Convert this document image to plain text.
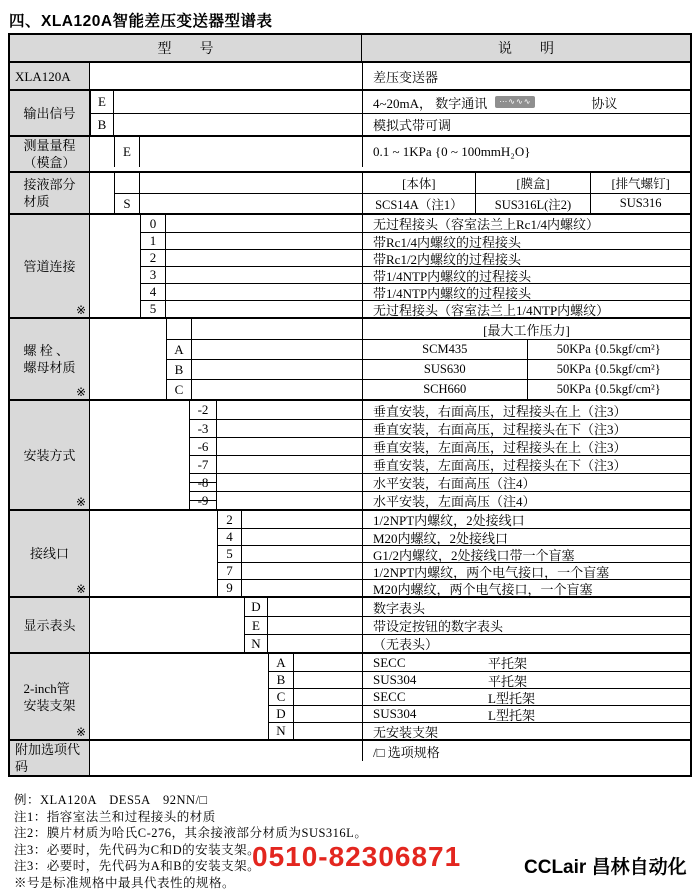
四、XLA120A智能差压变送器型谱表
型　　号	说　　明
XLA120A	差压变送器
输出信号
E	4~20mA， 数字通讯	⋯∿∿∿	协议
B	模拟式带可调
测量量程
（模盒）
E	0.1 ~ 1KPa {0 ~ 100mmH₂O}
接液部分
材质
[本体]	[膜盒]	[排气螺钉]
S	SCS14A（注1）	SUS316L(注2)	SUS316
管道连接
※
0	无过程接头（容室法兰上Rc1/4内螺纹）
1	带Rc1/4内螺纹的过程接头
2	带Rc1/2内螺纹的过程接头
3	带1/4NTP内螺纹的过程接头
4	带1/4NTP内螺纹的过程接头
5	无过程接头（容室法兰上1/4NTP内螺纹）
螺 栓 、
螺母材质
※
[最大工作压力]
A	SCM435	50KPa {0.5kgf/cm²}
B	SUS630	50KPa {0.5kgf/cm²}
C	SCH660	50KPa {0.5kgf/cm²}
安装方式
※
-2	垂直安装，右面高压，过程接头在上（注3）
-3	垂直安装，右面高压，过程接头在下（注3）
-6	垂直安装，左面高压，过程接头在上（注3）
-7	垂直安装，左面高压，过程接头在下（注3）
-8	水平安装，右面高压（注4）
-9	水平安装，左面高压（注4）
接线口
※
2	1/2NPT内螺纹，2处接线口
4	M20内螺纹，2处接线口
5	G1/2内螺纹，2处接线口带一个盲塞
7	1/2NPT内螺纹，两个电气接口，一个盲塞
9	M20内螺纹，两个电气接口，一个盲塞
显示表头
D	数字表头
E	带设定按钮的数字表头
N	（无表头）
2-inch管
安装支架
※
A	SECC	平托架
B	SUS304	平托架
C	SECC	L型托架
D	SUS304	L型托架
N	无安装支架
附加选项代码
/□ 选项规格
例：XLA120A　DES5A　92NN/□
注1：指容室法兰和过程接头的材质
注2：膜片材质为哈氏C-276，其余接液部分材质为SUS316L。
注3：必要时，先代码为C和D的安装支架。
注3：必要时，先代码为A和B的安装支架。
※号是标准规格中最具代表性的规格。
0510-82306871	CCLair 昌林自动化
